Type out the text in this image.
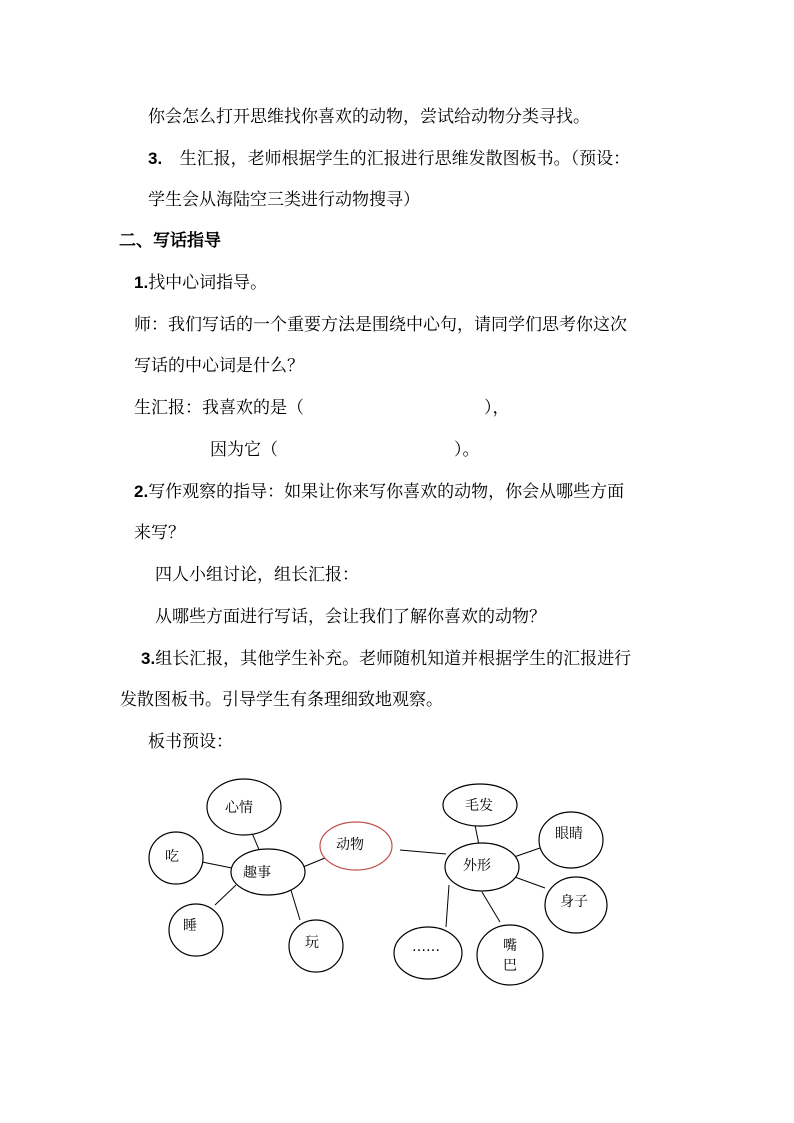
你会怎么打开思维找你喜欢的动物，尝试给动物分类寻找。
3. 生汇报，老师根据学生的汇报进行思维发散图板书。（预设：
学生会从海陆空三类进行动物搜寻）
二、写话指导
1.找中心词指导。
师：我们写话的一个重要方法是围绕中心句，请同学们思考你这次
写话的中心词是什么？
生汇报：我喜欢的是（	），
因为它（	）。
2.写作观察的指导：如果让你来写你喜欢的动物，你会从哪些方面
来写？
四人小组讨论，组长汇报：
从哪些方面进行写话，会让我们了解你喜欢的动物？
3.组长汇报，其他学生补充。老师随机知道并根据学生的汇报进行
发散图板书。引导学生有条理细致地观察。
板书预设：
心情
吃
趣事
睡
玩
动物
毛发
外形
眼睛
身子
嘴巴
……
